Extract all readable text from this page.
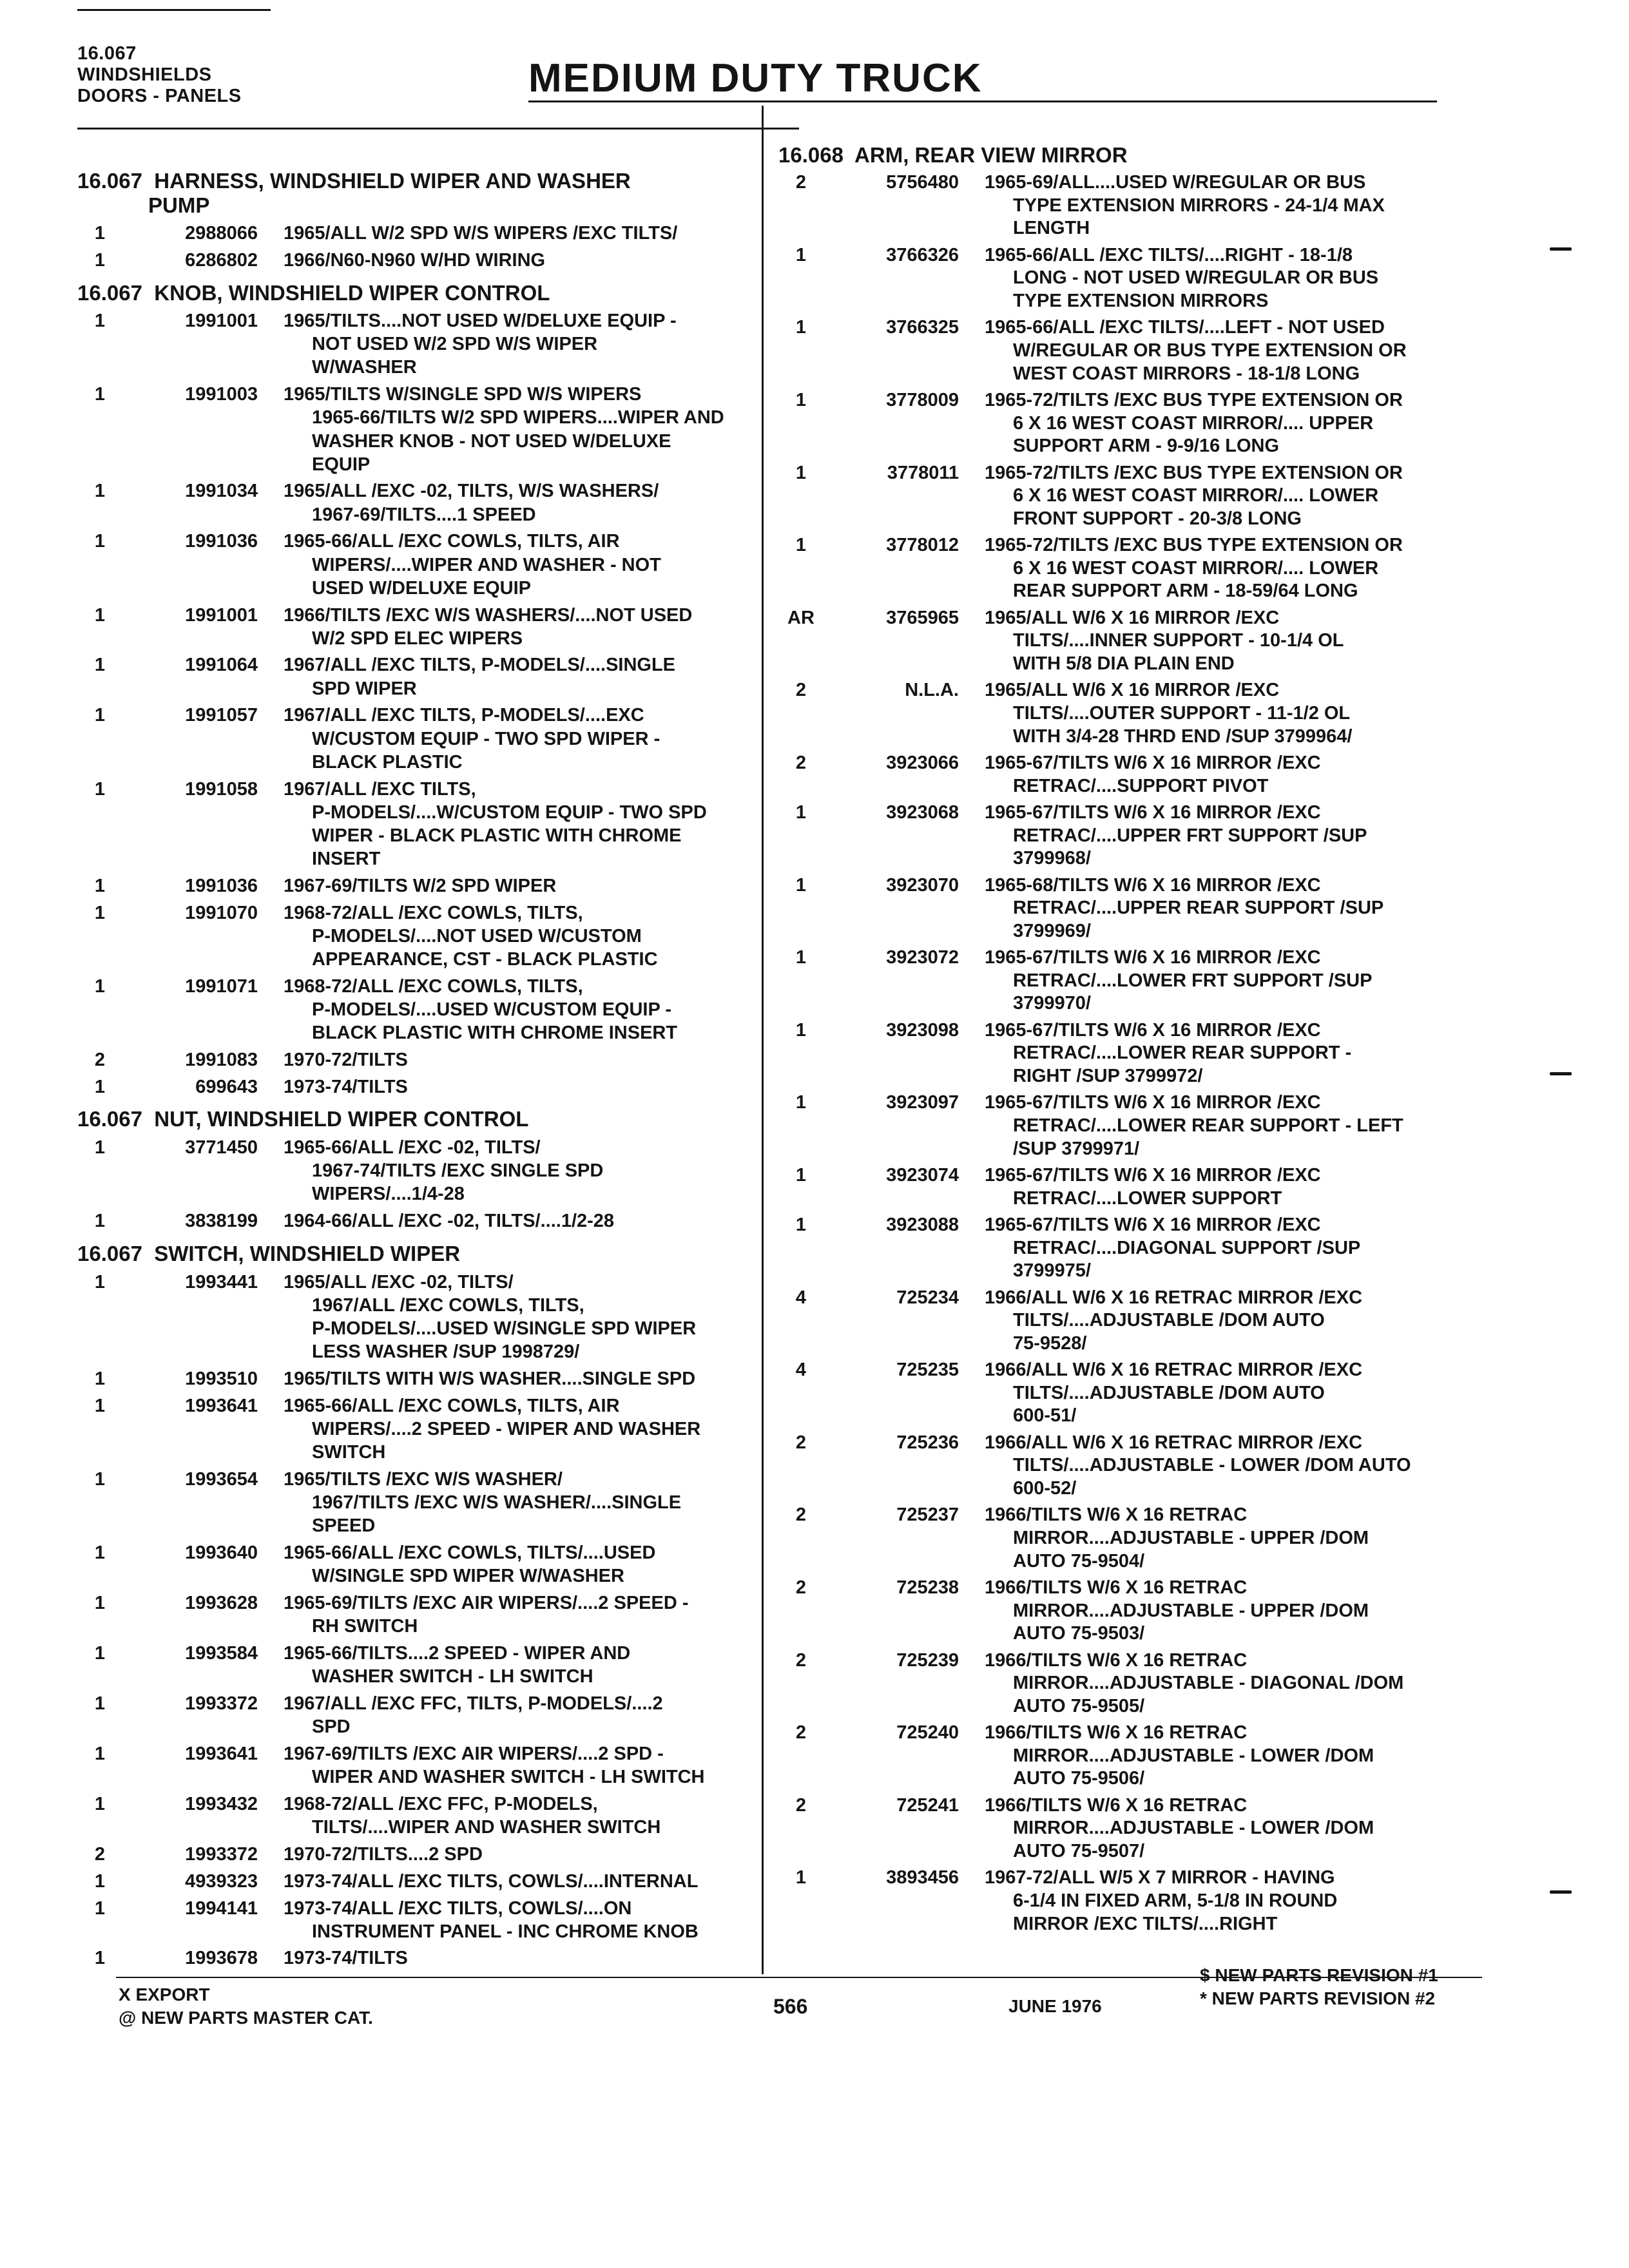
16.067
WINDSHIELDS
DOORS - PANELS	MEDIUM DUTY TRUCK
16.067  HARNESS, WINDSHIELD WIPER AND WASHER
PUMP
1	2988066 1965/ALL W/2 SPD W/S WIPERS /EXC TILTS/
1	6286802 1966/N60-N960 W/HD WIRING
16.067  KNOB, WINDSHIELD WIPER CONTROL
1	1991001 1965/TILTS....NOT USED W/DELUXE EQUIP -
NOT USED W/2 SPD W/S WIPER
W/WASHER
1	1991003 1965/TILTS W/SINGLE SPD W/S WIPERS
1965-66/TILTS W/2 SPD WIPERS....WIPER AND
WASHER KNOB - NOT USED W/DELUXE
EQUIP
1	1991034 1965/ALL /EXC -02, TILTS, W/S WASHERS/
1967-69/TILTS....1 SPEED
1	1991036 1965-66/ALL /EXC COWLS, TILTS, AIR
WIPERS/....WIPER AND WASHER - NOT
USED W/DELUXE EQUIP
1	1991001 1966/TILTS /EXC W/S WASHERS/....NOT USED
W/2 SPD ELEC WIPERS
1	1991064 1967/ALL /EXC TILTS, P-MODELS/....SINGLE
SPD WIPER
1	1991057 1967/ALL /EXC TILTS, P-MODELS/....EXC
W/CUSTOM EQUIP - TWO SPD WIPER -
BLACK PLASTIC
1	1991058 1967/ALL /EXC TILTS,
P-MODELS/....W/CUSTOM EQUIP - TWO SPD
WIPER - BLACK PLASTIC WITH CHROME
INSERT
1	1991036 1967-69/TILTS W/2 SPD WIPER
1	1991070 1968-72/ALL /EXC COWLS, TILTS,
P-MODELS/....NOT USED W/CUSTOM
APPEARANCE, CST - BLACK PLASTIC
1	1991071 1968-72/ALL /EXC COWLS, TILTS,
P-MODELS/....USED W/CUSTOM EQUIP -
BLACK PLASTIC WITH CHROME INSERT
2	1991083 1970-72/TILTS
1	699643 1973-74/TILTS
16.067  NUT, WINDSHIELD WIPER CONTROL
1	3771450 1965-66/ALL /EXC -02, TILTS/
1967-74/TILTS /EXC SINGLE SPD
WIPERS/....1/4-28
1	3838199 1964-66/ALL /EXC -02, TILTS/....1/2-28
16.067  SWITCH, WINDSHIELD WIPER
1	1993441 1965/ALL /EXC -02, TILTS/
1967/ALL /EXC COWLS, TILTS,
P-MODELS/....USED W/SINGLE SPD WIPER
LESS WASHER /SUP 1998729/
1	1993510 1965/TILTS WITH W/S WASHER....SINGLE SPD
1	1993641 1965-66/ALL /EXC COWLS, TILTS, AIR
WIPERS/....2 SPEED - WIPER AND WASHER
SWITCH
1	1993654 1965/TILTS /EXC W/S WASHER/
1967/TILTS /EXC W/S WASHER/....SINGLE
SPEED
1	1993640 1965-66/ALL /EXC COWLS, TILTS/....USED
W/SINGLE SPD WIPER W/WASHER
1	1993628 1965-69/TILTS /EXC AIR WIPERS/....2 SPEED -
RH SWITCH
1	1993584 1965-66/TILTS....2 SPEED - WIPER AND
WASHER SWITCH - LH SWITCH
1	1993372 1967/ALL /EXC FFC, TILTS, P-MODELS/....2
SPD
1	1993641 1967-69/TILTS /EXC AIR WIPERS/....2 SPD -
WIPER AND WASHER SWITCH - LH SWITCH
1	1993432 1968-72/ALL /EXC FFC, P-MODELS,
TILTS/....WIPER AND WASHER SWITCH
2	1993372 1970-72/TILTS....2 SPD
1	4939323 1973-74/ALL /EXC TILTS, COWLS/....INTERNAL
1	1994141 1973-74/ALL /EXC TILTS, COWLS/....ON
INSTRUMENT PANEL - INC CHROME KNOB
1	1993678 1973-74/TILTS
16.068  ARM, REAR VIEW MIRROR
2	5756480 1965-69/ALL....USED W/REGULAR OR BUS
TYPE EXTENSION MIRRORS - 24-1/4 MAX
LENGTH
1	3766326 1965-66/ALL /EXC TILTS/....RIGHT - 18-1/8
LONG - NOT USED W/REGULAR OR BUS
TYPE EXTENSION MIRRORS
1	3766325 1965-66/ALL /EXC TILTS/....LEFT - NOT USED
W/REGULAR OR BUS TYPE EXTENSION OR
WEST COAST MIRRORS - 18-1/8 LONG
1	3778009 1965-72/TILTS /EXC BUS TYPE EXTENSION OR
6 X 16 WEST COAST MIRROR/.... UPPER
SUPPORT ARM - 9-9/16 LONG
1	3778011 1965-72/TILTS /EXC BUS TYPE EXTENSION OR
6 X 16 WEST COAST MIRROR/.... LOWER
FRONT SUPPORT - 20-3/8 LONG
1	3778012 1965-72/TILTS /EXC BUS TYPE EXTENSION OR
6 X 16 WEST COAST MIRROR/.... LOWER
REAR SUPPORT ARM - 18-59/64 LONG
AR	3765965 1965/ALL W/6 X 16 MIRROR /EXC
TILTS/....INNER SUPPORT - 10-1/4 OL
WITH 5/8 DIA PLAIN END
2	N.L.A. 1965/ALL W/6 X 16 MIRROR /EXC
TILTS/....OUTER SUPPORT - 11-1/2 OL
WITH 3/4-28 THRD END /SUP 3799964/
2	3923066 1965-67/TILTS W/6 X 16 MIRROR /EXC
RETRAC/....SUPPORT PIVOT
1	3923068 1965-67/TILTS W/6 X 16 MIRROR /EXC
RETRAC/....UPPER FRT SUPPORT /SUP
3799968/
1	3923070 1965-68/TILTS W/6 X 16 MIRROR /EXC
RETRAC/....UPPER REAR SUPPORT /SUP
3799969/
1	3923072 1965-67/TILTS W/6 X 16 MIRROR /EXC
RETRAC/....LOWER FRT SUPPORT /SUP
3799970/
1	3923098 1965-67/TILTS W/6 X 16 MIRROR /EXC
RETRAC/....LOWER REAR SUPPORT -
RIGHT /SUP 3799972/
1	3923097 1965-67/TILTS W/6 X 16 MIRROR /EXC
RETRAC/....LOWER REAR SUPPORT - LEFT
/SUP 3799971/
1	3923074 1965-67/TILTS W/6 X 16 MIRROR /EXC
RETRAC/....LOWER SUPPORT
1	3923088 1965-67/TILTS W/6 X 16 MIRROR /EXC
RETRAC/....DIAGONAL SUPPORT /SUP
3799975/
4	725234 1966/ALL W/6 X 16 RETRAC MIRROR /EXC
TILTS/....ADJUSTABLE /DOM AUTO
75-9528/
4	725235 1966/ALL W/6 X 16 RETRAC MIRROR /EXC
TILTS/....ADJUSTABLE /DOM AUTO
600-51/
2	725236 1966/ALL W/6 X 16 RETRAC MIRROR /EXC
TILTS/....ADJUSTABLE - LOWER /DOM AUTO
600-52/
2	725237 1966/TILTS W/6 X 16 RETRAC
MIRROR....ADJUSTABLE - UPPER /DOM
AUTO 75-9504/
2	725238 1966/TILTS W/6 X 16 RETRAC
MIRROR....ADJUSTABLE - UPPER /DOM
AUTO 75-9503/
2	725239 1966/TILTS W/6 X 16 RETRAC
MIRROR....ADJUSTABLE - DIAGONAL /DOM
AUTO 75-9505/
2	725240 1966/TILTS W/6 X 16 RETRAC
MIRROR....ADJUSTABLE - LOWER /DOM
AUTO 75-9506/
2	725241 1966/TILTS W/6 X 16 RETRAC
MIRROR....ADJUSTABLE - LOWER /DOM
AUTO 75-9507/
1	3893456 1967-72/ALL W/5 X 7 MIRROR - HAVING
6-1/4 IN FIXED ARM, 5-1/8 IN ROUND
MIRROR /EXC TILTS/....RIGHT
X EXPORT
@ NEW PARTS MASTER CAT.	566	JUNE 1976
$ NEW PARTS REVISION #1
* NEW PARTS REVISION #2
